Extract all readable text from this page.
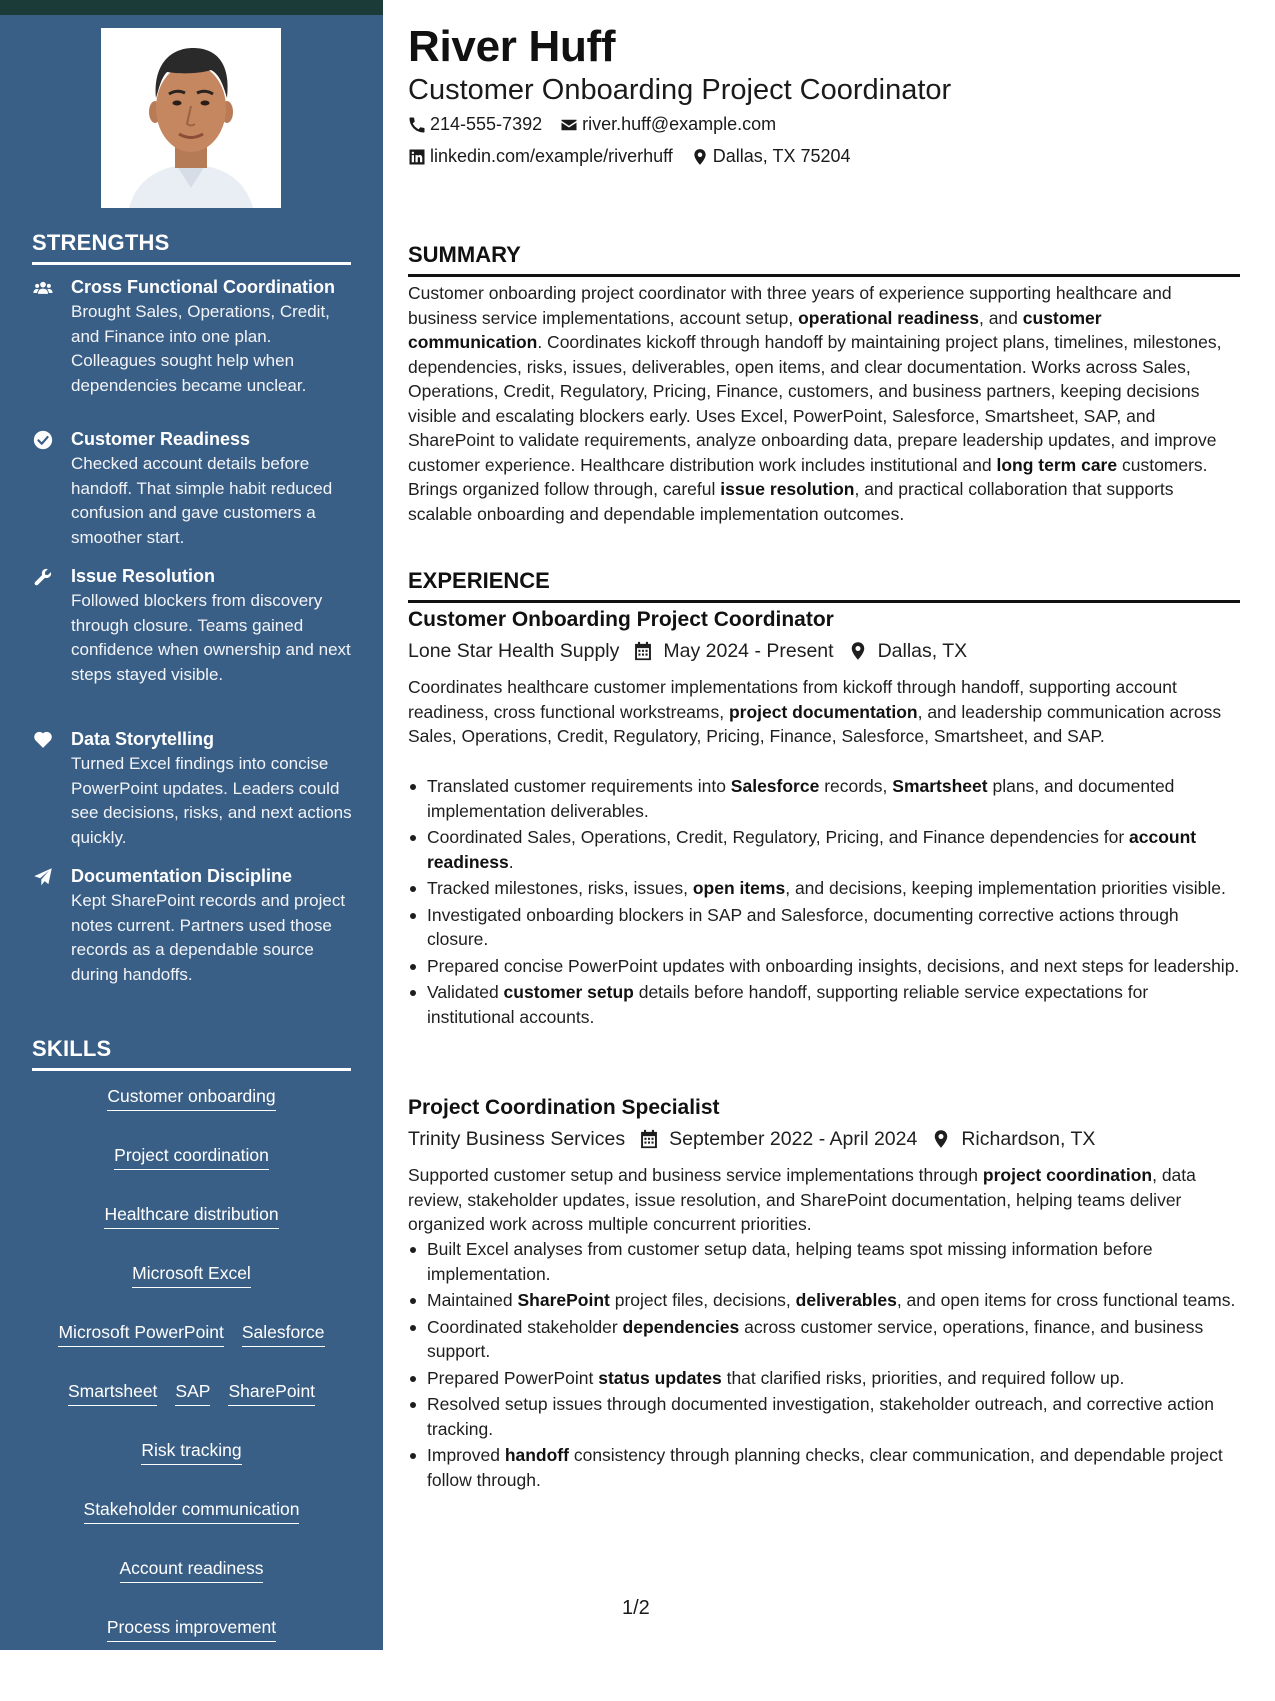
STRENGTHS
Cross Functional Coordination
Brought Sales, Operations, Credit, and Finance into one plan. Colleagues sought help when dependencies became unclear.
Customer Readiness
Checked account details before handoff. That simple habit reduced confusion and gave customers a smoother start.
Issue Resolution
Followed blockers from discovery through closure. Teams gained confidence when ownership and next steps stayed visible.
Data Storytelling
Turned Excel findings into concise PowerPoint updates. Leaders could see decisions, risks, and next actions quickly.
Documentation Discipline
Kept SharePoint records and project notes current. Partners used those records as a dependable source during handoffs.
SKILLS
Customer onboarding
Project coordination
Healthcare distribution
Microsoft Excel
Microsoft PowerPoint Salesforce
Smartsheet SAP SharePoint
Risk tracking
Stakeholder communication
Account readiness
Process improvement
Data analysis Issue resolution
River Huff
Customer Onboarding Project Coordinator
214-555-7392 river.huff@example.com
linkedin.com/example/riverhuff Dallas, TX 75204
SUMMARY

Customer onboarding project coordinator with three years of experience supporting healthcare and business service implementations, account setup, operational readiness, and customer communication. Coordinates kickoff through handoff by maintaining project plans, timelines, milestones, dependencies, risks, issues, deliverables, open items, and clear documentation. Works across Sales, Operations, Credit, Regulatory, Pricing, Finance, customers, and business partners, keeping decisions visible and escalating blockers early. Uses Excel, PowerPoint, Salesforce, Smartsheet, SAP, and SharePoint to validate requirements, analyze onboarding data, prepare leadership updates, and improve customer experience. Healthcare distribution work includes institutional and long term care customers. Brings organized follow through, careful issue resolution, and practical collaboration that supports scalable onboarding and dependable implementation outcomes.

EXPERIENCE
Customer Onboarding Project Coordinator
Lone Star Health Supply May 2024 - Present Dallas, TX

Coordinates healthcare customer implementations from kickoff through handoff, supporting account readiness, cross functional workstreams, project documentation, and leadership communication across Sales, Operations, Credit, Regulatory, Pricing, Finance, Salesforce, Smartsheet, and SAP.

Translated customer requirements into Salesforce records, Smartsheet plans, and documented implementation deliverables.
Coordinated Sales, Operations, Credit, Regulatory, Pricing, and Finance dependencies for account readiness.
Tracked milestones, risks, issues, open items, and decisions, keeping implementation priorities visible.
Investigated onboarding blockers in SAP and Salesforce, documenting corrective actions through closure.
Prepared concise PowerPoint updates with onboarding insights, decisions, and next steps for leadership.
Validated customer setup details before handoff, supporting reliable service expectations for institutional accounts.
Project Coordination Specialist
Trinity Business Services September 2022 - April 2024 Richardson, TX

Supported customer setup and business service implementations through project coordination, data review, stakeholder updates, issue resolution, and SharePoint documentation, helping teams deliver organized work across multiple concurrent priorities.

Built Excel analyses from customer setup data, helping teams spot missing information before implementation.
Maintained SharePoint project files, decisions, deliverables, and open items for cross functional teams.
Coordinated stakeholder dependencies across customer service, operations, finance, and business support.
Prepared PowerPoint status updates that clarified risks, priorities, and required follow up.
Resolved setup issues through documented investigation, stakeholder outreach, and corrective action tracking.
Improved handoff consistency through planning checks, clear communication, and dependable project follow through.
1/2
